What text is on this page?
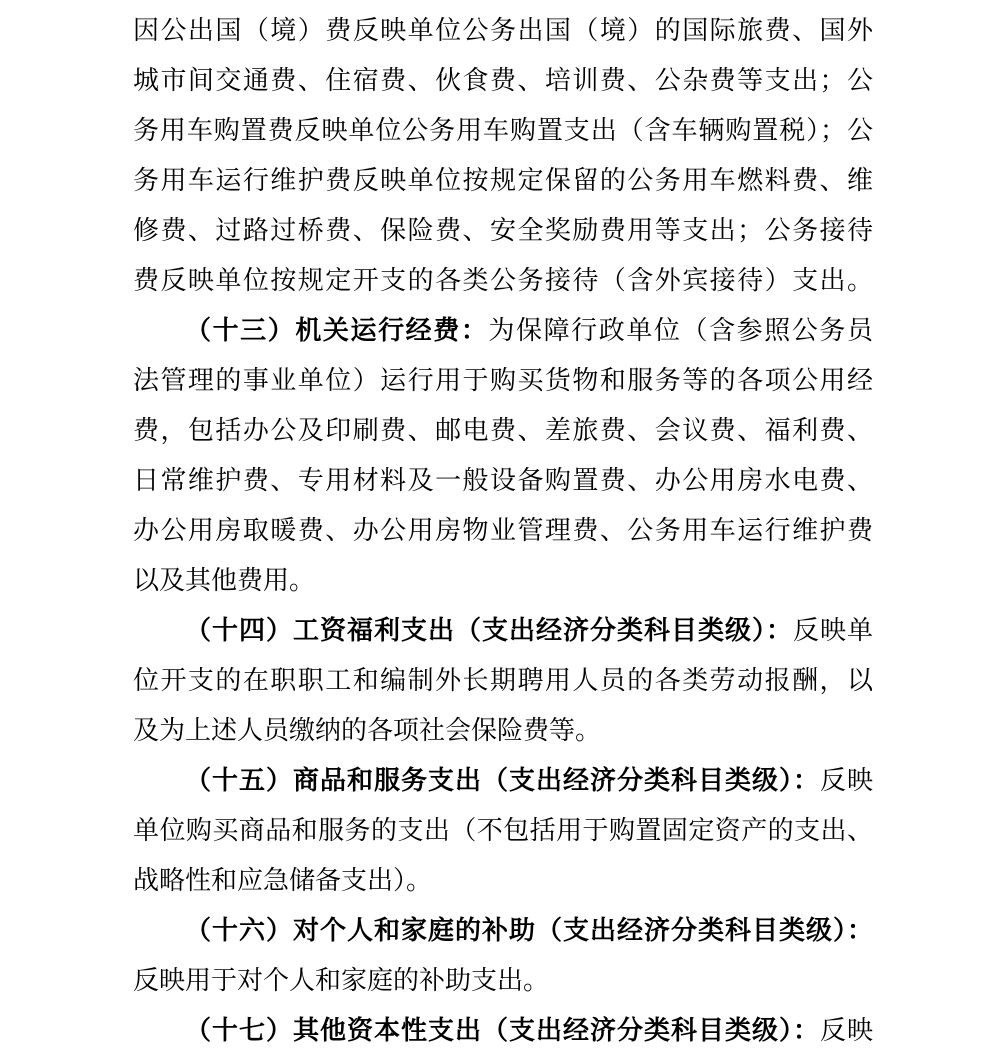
因公出国（境）费反映单位公务出国（境）的国际旅费、国外
城市间交通费、住宿费、伙食费、培训费、公杂费等支出；公
务用车购置费反映单位公务用车购置支出（含车辆购置税）；公
务用车运行维护费反映单位按规定保留的公务用车燃料费、维
修费、过路过桥费、保险费、安全奖励费用等支出；公务接待
费反映单位按规定开支的各类公务接待（含外宾接待）支出。
（十三）机关运行经费：为保障行政单位（含参照公务员
法管理的事业单位）运行用于购买货物和服务等的各项公用经
费，包括办公及印刷费、邮电费、差旅费、会议费、福利费、
日常维护费、专用材料及一般设备购置费、办公用房水电费、
办公用房取暖费、办公用房物业管理费、公务用车运行维护费
以及其他费用。
（十四）工资福利支出（支出经济分类科目类级）：反映单
位开支的在职职工和编制外长期聘用人员的各类劳动报酬，以
及为上述人员缴纳的各项社会保险费等。
（十五）商品和服务支出（支出经济分类科目类级）：反映
单位购买商品和服务的支出（不包括用于购置固定资产的支出、
战略性和应急储备支出）。
（十六）对个人和家庭的补助（支出经济分类科目类级）：
反映用于对个人和家庭的补助支出。
（十七）其他资本性支出（支出经济分类科目类级）：反映
